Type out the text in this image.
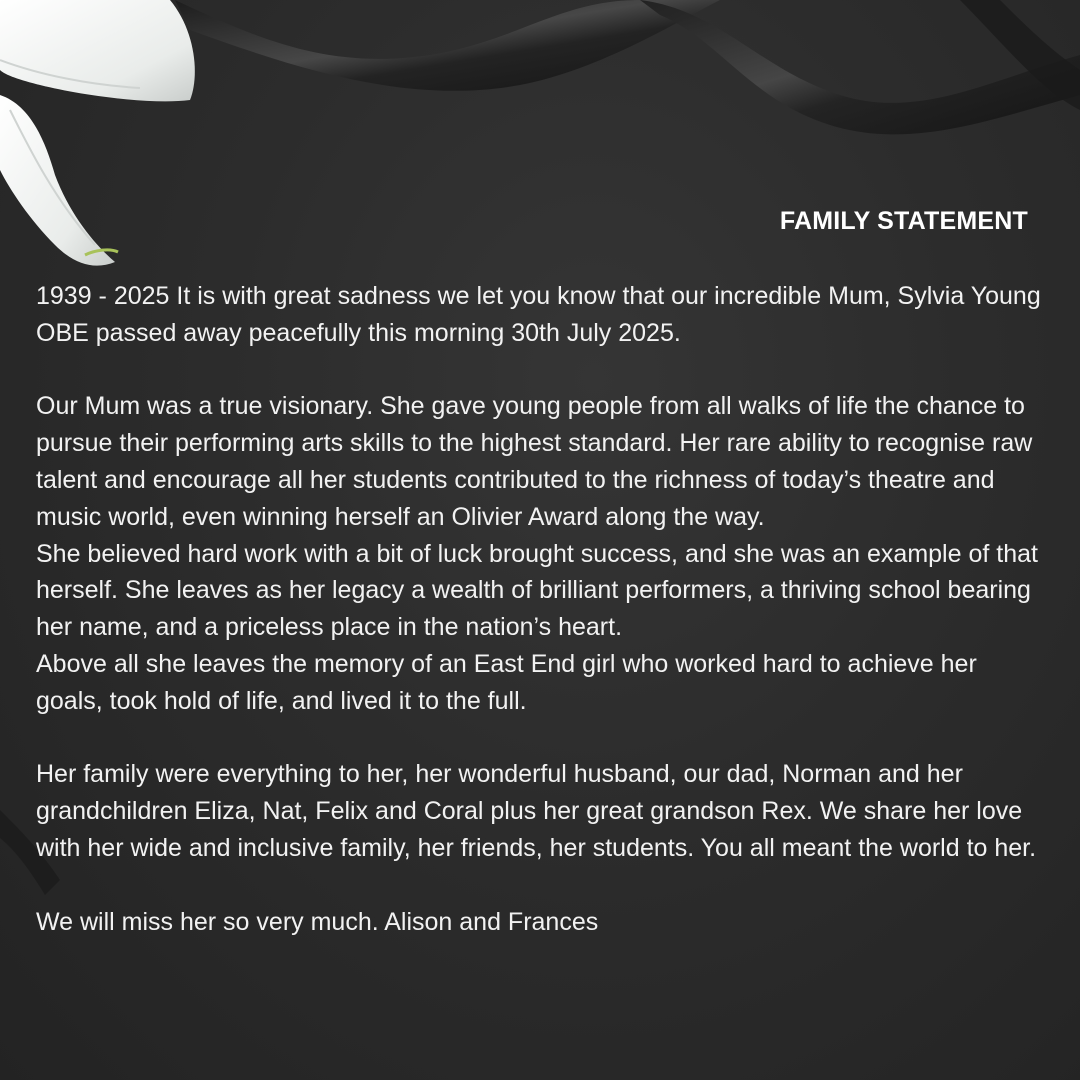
FAMILY STATEMENT

1939 - 2025 It is with great sadness we let you know that our incredible Mum, Sylvia Young OBE passed away peacefully this morning 30th July 2025.

Our Mum was a true visionary. She gave young people from all walks of life the chance to pursue their performing arts skills to the highest standard. Her rare ability to recognise raw talent and encourage all her students contributed to the richness of today’s theatre and music world, even winning herself an Olivier Award along the way.

She believed hard work with a bit of luck brought success, and she was an example of that herself. She leaves as her legacy a wealth of brilliant performers, a thriving school bearing her name, and a priceless place in the nation’s heart.

Above all she leaves the memory of an East End girl who worked hard to achieve her goals, took hold of life, and lived it to the full.

Her family were everything to her, her wonderful husband, our dad, Norman and her grandchildren Eliza, Nat, Felix and Coral plus her great grandson Rex. We share her love with her wide and inclusive family, her friends, her students. You all meant the world to her.

We will miss her so very much. Alison and Frances
